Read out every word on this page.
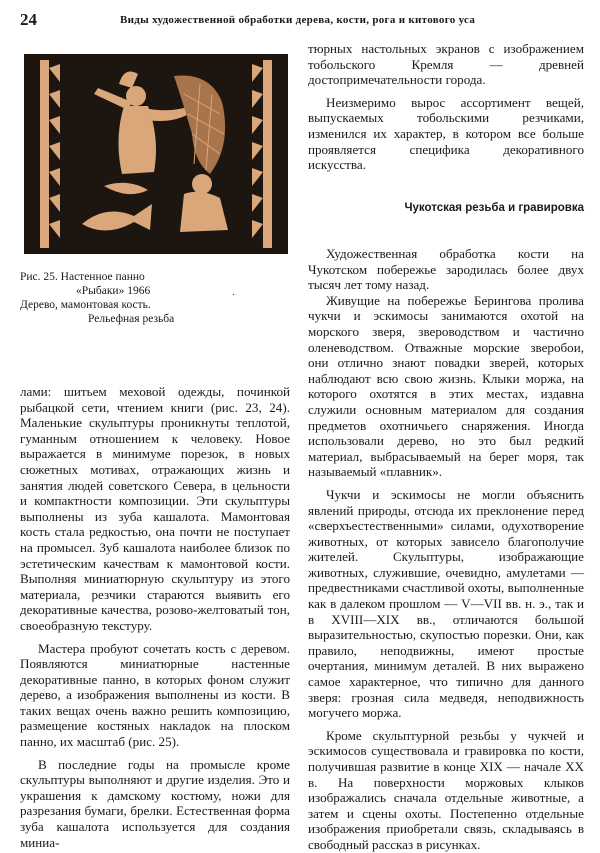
24	Виды художественной обработки дерева, кости, рога и китового уса
Рис. 25. Настенное панно

«Рыбаки» 1966
Дерево, мамонтовая кость.
Рельефная резьба
·

лами: шитьем меховой одежды, починкой рыбацкой сети, чтением книги (рис. 23, 24). Маленькие скульптуры проникнуты теплотой, гуманным отношением к человеку. Новое выражается в минимуме порезок, в новых сюжетных мотивах, отражающих жизнь и занятия людей советского Севера, в цельности и компактности композиции. Эти скульптуры выполнены из зуба кашалота. Мамонтовая кость стала редкостью, она почти не поступает на промысел. Зуб кашалота наиболее близок по эстетическим качествам к мамонтовой кости. Выполняя миниатюрную скульптуру из этого материала, резчики стараются выявить его декоративные качества, розово-желтоватый тон, своеобразную текстуру.

Мастера пробуют сочетать кость с деревом. Появляются миниатюрные настенные декоративные панно, в которых фоном служит дерево, а изображения выполнены из кости. В таких вещах очень важно решить композицию, размещение костяных накладок на плоском панно, их масштаб (рис. 25).

В последние годы на промысле кроме скульптуры выполняют и другие изделия. Это и украшения к дамскому костюму, ножи для разрезания бумаги, брелки. Естественная форма зуба кашалота используется для создания миниа-

тюрных настольных экранов с изображением тобольского Кремля — древней достопримечательности города.

Неизмеримо вырос ассортимент вещей, выпускаемых тобольскими резчиками, изменился их характер, в котором все больше проявляется специфика декоративного искусства.

Чукотская резьба и гравировка

Художественная обработка кости на Чукотском побережье зародилась более двух тысяч лет тому назад.

Живущие на побережье Берингова пролива чукчи и эскимосы занимаются охотой на морского зверя, звероводством и частично оленеводством. Отважные морские зверобои, они отлично знают повадки зверей, которых наблюдают всю свою жизнь. Клыки моржа, на которого охотятся в этих местах, издавна служили основным материалом для создания предметов охотничьего снаряжения. Иногда использовали дерево, но это был редкий материал, выбрасываемый на берег моря, так называемый «плавник».

Чукчи и эскимосы не могли объяснить явлений природы, отсюда их преклонение перед «сверхъестественными» силами, одухотворение животных, от которых зависело благополучие жителей. Скульптуры, изображающие животных, служившие, очевидно, амулетами — предвестниками счастливой охоты, выполненные как в далеком прошлом — V—VII вв. н. э., так и в XVIII—XIX вв., отличаются большой выразительностью, скупостью порезки. Они, как правило, неподвижны, имеют простые очертания, минимум деталей. В них выражено самое характерное, что типично для данного зверя: грозная сила медведя, неподвижность могучего моржа.

Кроме скульптурной резьбы у чукчей и эскимосов существовала и гравировка по кости, получившая развитие в конце XIX — начале XX в. На поверхности моржовых клыков изображались сначала отдельные животные, а затем и сцены охоты. Постепенно отдельные изображения приобретали связь, складываясь в свободный рассказ в рисунках.
